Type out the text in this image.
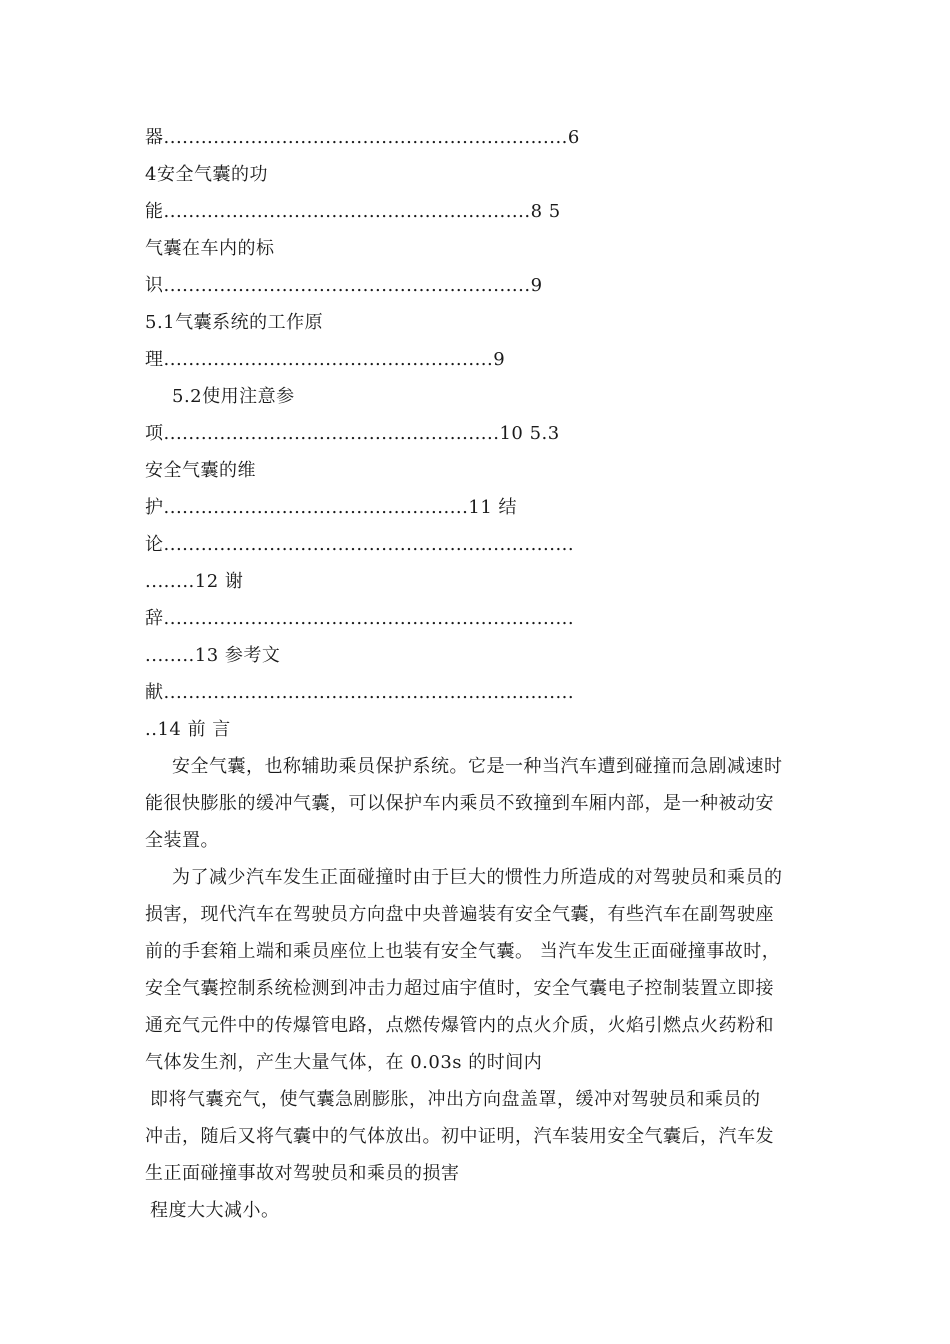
器.................................................................6
4安全气囊的功
能...........................................................8 5
气囊在车内的标
识...........................................................9
5.1气囊系统的工作原
理.....................................................9
5.2使用注意参
项......................................................10 5.3
安全气囊的维
护.................................................11 结
论..................................................................
........12 谢
辞..................................................................
........13 参考文
献..................................................................
..14 前 言
安全气囊，也称辅助乘员保护系统。它是一种当汽车遭到碰撞而急剧减速时
能很快膨胀的缓冲气囊，可以保护车内乘员不致撞到车厢内部，是一种被动安
全装置。
为了减少汽车发生正面碰撞时由于巨大的惯性力所造成的对驾驶员和乘员的
损害，现代汽车在驾驶员方向盘中央普遍装有安全气囊，有些汽车在副驾驶座
前的手套箱上端和乘员座位上也装有安全气囊。 当汽车发生正面碰撞事故时，
安全气囊控制系统检测到冲击力超过庙宇值时，安全气囊电子控制装置立即接
通充气元件中的传爆管电路，点燃传爆管内的点火介质，火焰引燃点火药粉和
气体发生剂，产生大量气体，在 0.03s 的时间内
即将气囊充气，使气囊急剧膨胀，冲出方向盘盖罩，缓冲对驾驶员和乘员的
冲击，随后又将气囊中的气体放出。初中证明，汽车装用安全气囊后，汽车发
生正面碰撞事故对驾驶员和乘员的损害
程度大大减小。
